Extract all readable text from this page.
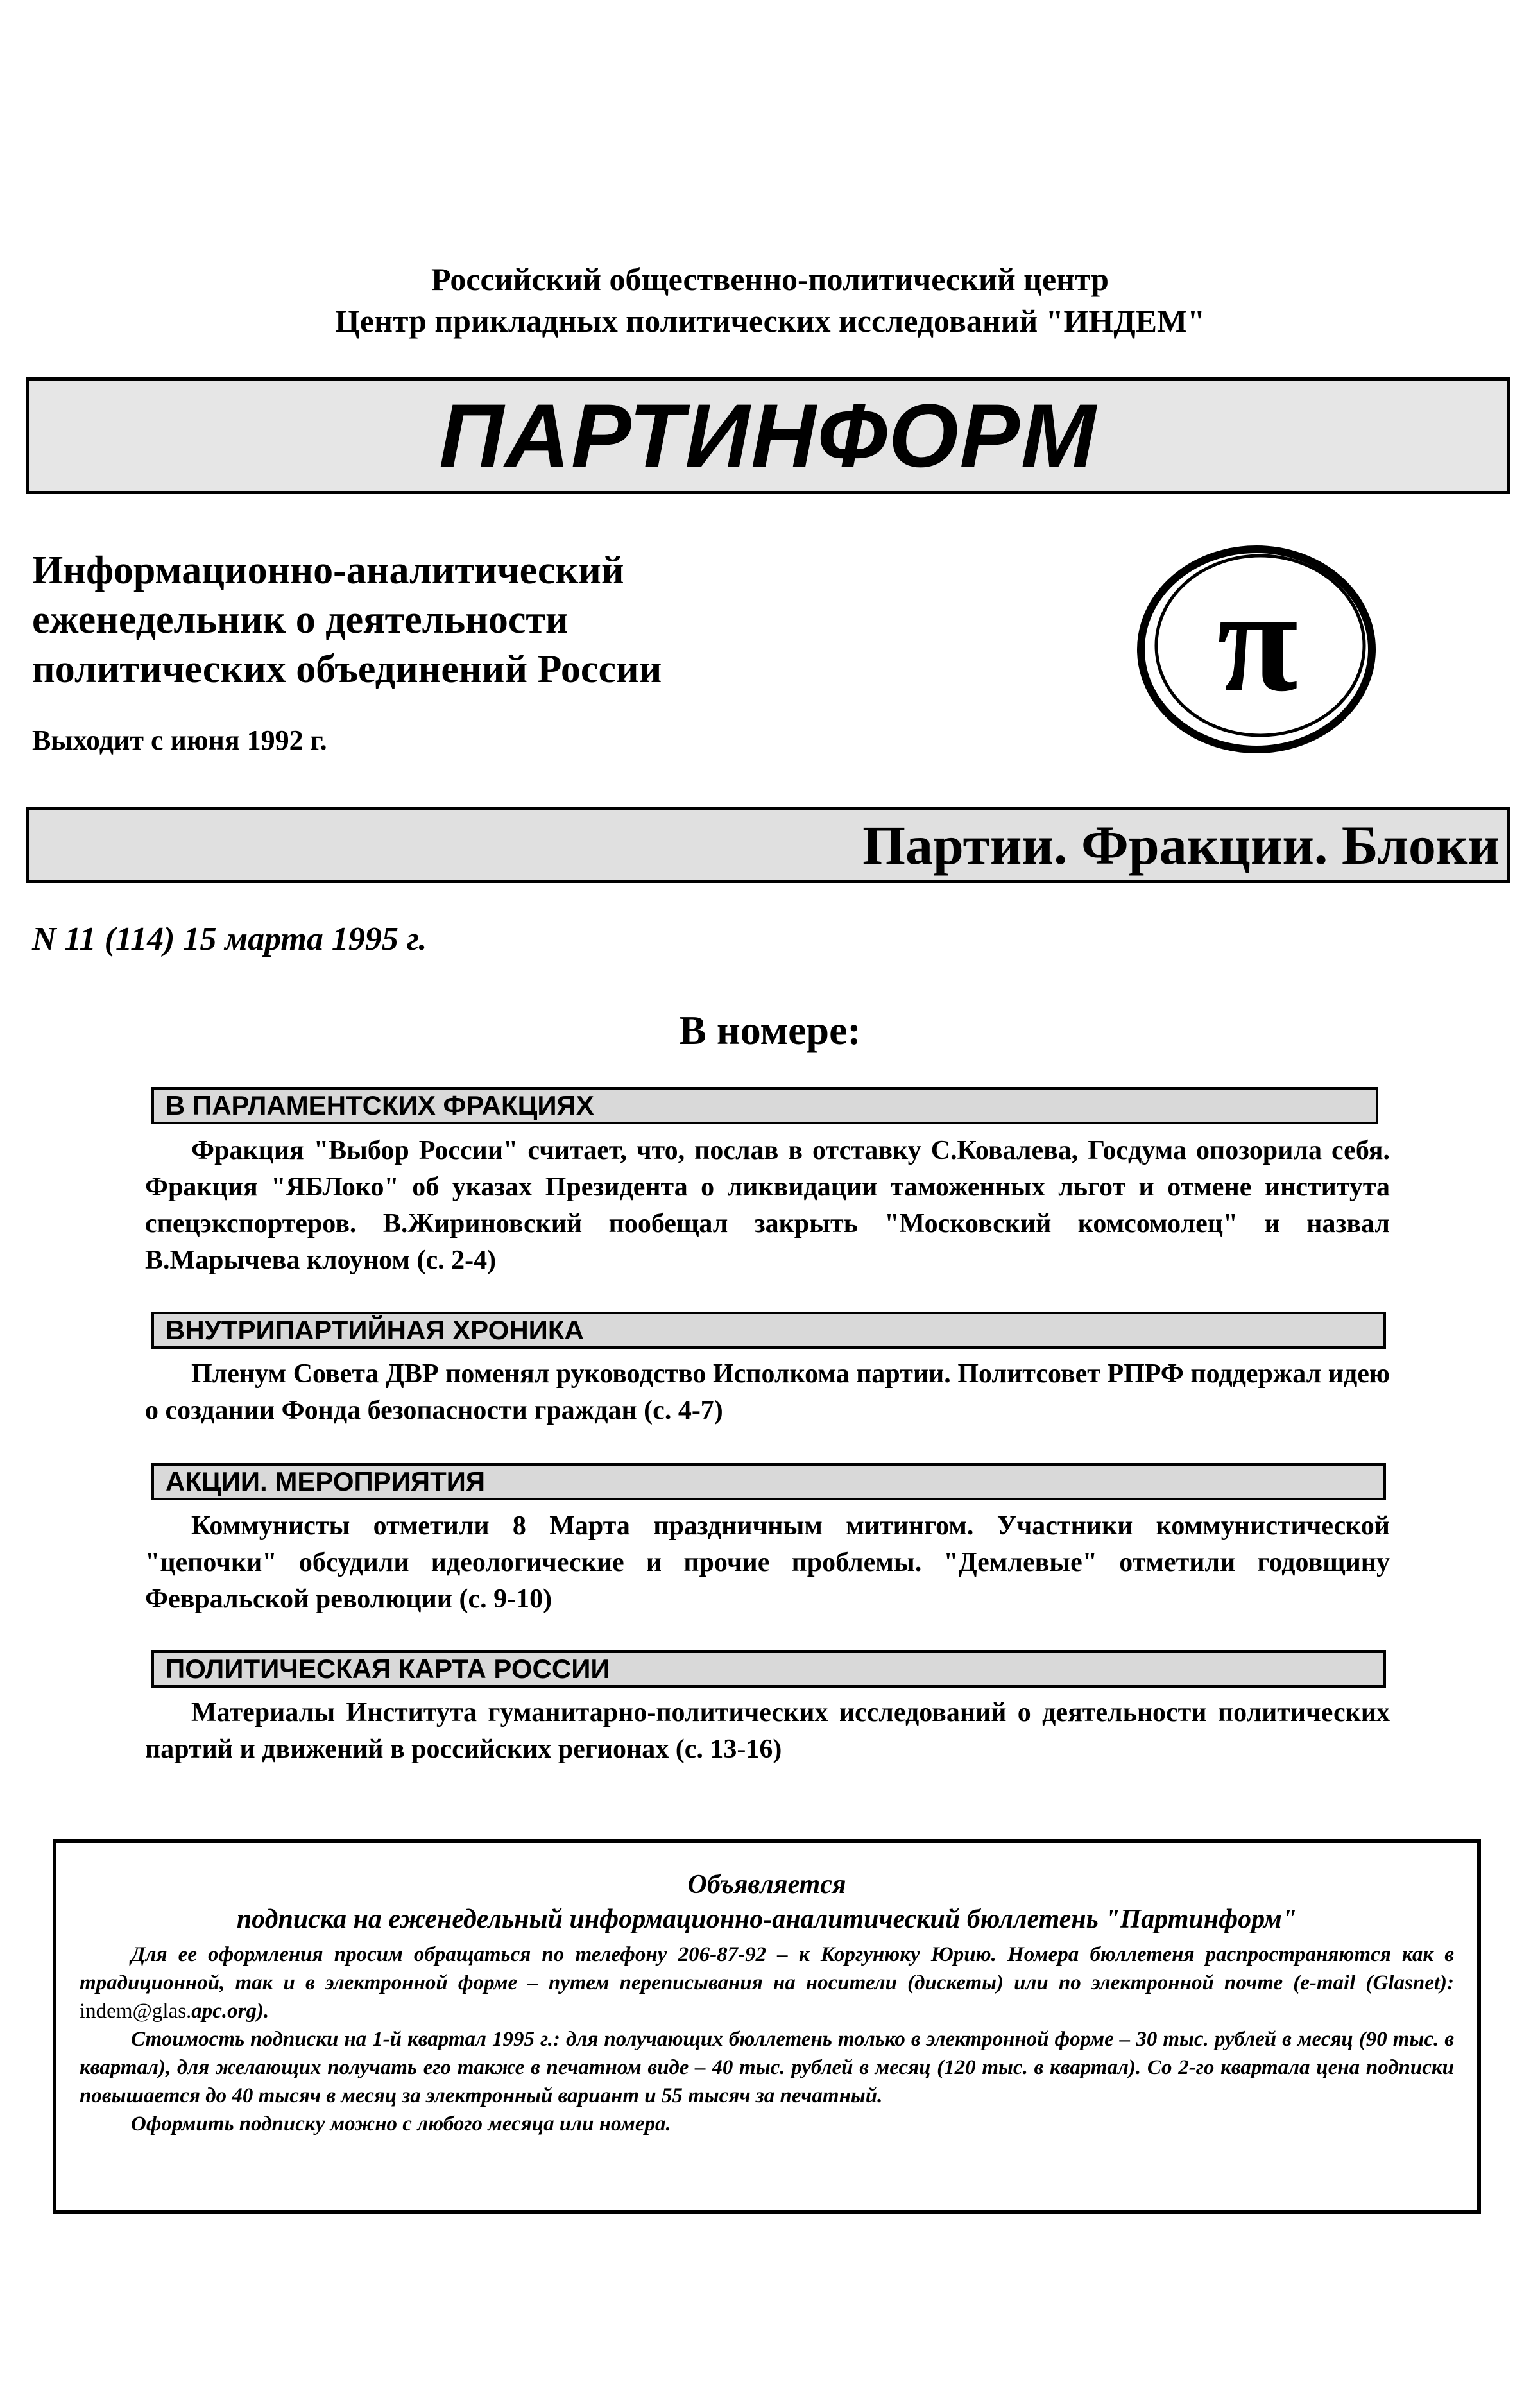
Российский общественно-политический центр
Центр прикладных политических исследований "ИНДЕМ"
ПАРТИНФОРМ
Информационно-аналитический
еженедельник о деятельности
политических объединений России
Выходит с июня 1992 г.
π
Партии. Фракции. Блоки
N 11 (114) 15 марта 1995 г.
В номере:
В ПАРЛАМЕНТСКИХ ФРАКЦИЯХ

Фракция "Выбор России" считает, что, послав в отставку С.Ковалева, Госдума опозорила себя. Фракция "ЯБЛоко" об указах Президента о ликвидации таможенных льгот и отмене института спецэкспортеров. В.Жириновский пообещал закрыть "Московский комсомолец" и назвал В.Марычева клоуном (с. 2-4)

ВНУТРИПАРТИЙНАЯ ХРОНИКА

Пленум Совета ДВР поменял руководство Исполкома партии. Политсовет РПРФ поддержал идею о создании Фонда безопасности граждан (с. 4-7)

АКЦИИ. МЕРОПРИЯТИЯ

Коммунисты отметили 8 Марта праздничным митингом. Участники коммунистической "цепочки" обсудили идеологические и прочие проблемы. "Демлевые" отметили годовщину Февральской революции (с. 9-10)

ПОЛИТИЧЕСКАЯ КАРТА РОССИИ

Материалы Института гуманитарно-политических исследований о деятельности политических партий и движений в российских регионах (с. 13-16)

Объявляется
подписка на еженедельный информационно-аналитический бюллетень "Партинформ"

Для ее оформления просим обращаться по телефону 206-87-92 – к Коргунюку Юрию. Номера бюллетеня распространяются как в традиционной, так и в электронной форме – путем переписывания на носители (дискеты) или по электронной почте (e-mail (Glasnet): indem@glas.apc.org).

Стоимость подписки на 1-й квартал 1995 г.: для получающих бюллетень только в электронной форме – 30 тыс. рублей в месяц (90 тыс. в квартал), для желающих получать его также в печатном виде – 40 тыс. рублей в месяц (120 тыс. в квартал). Со 2-го квартала цена подписки повышается до 40 тысяч в месяц за электронный вариант и 55 тысяч за печатный.

Оформить подписку можно с любого месяца или номера.
